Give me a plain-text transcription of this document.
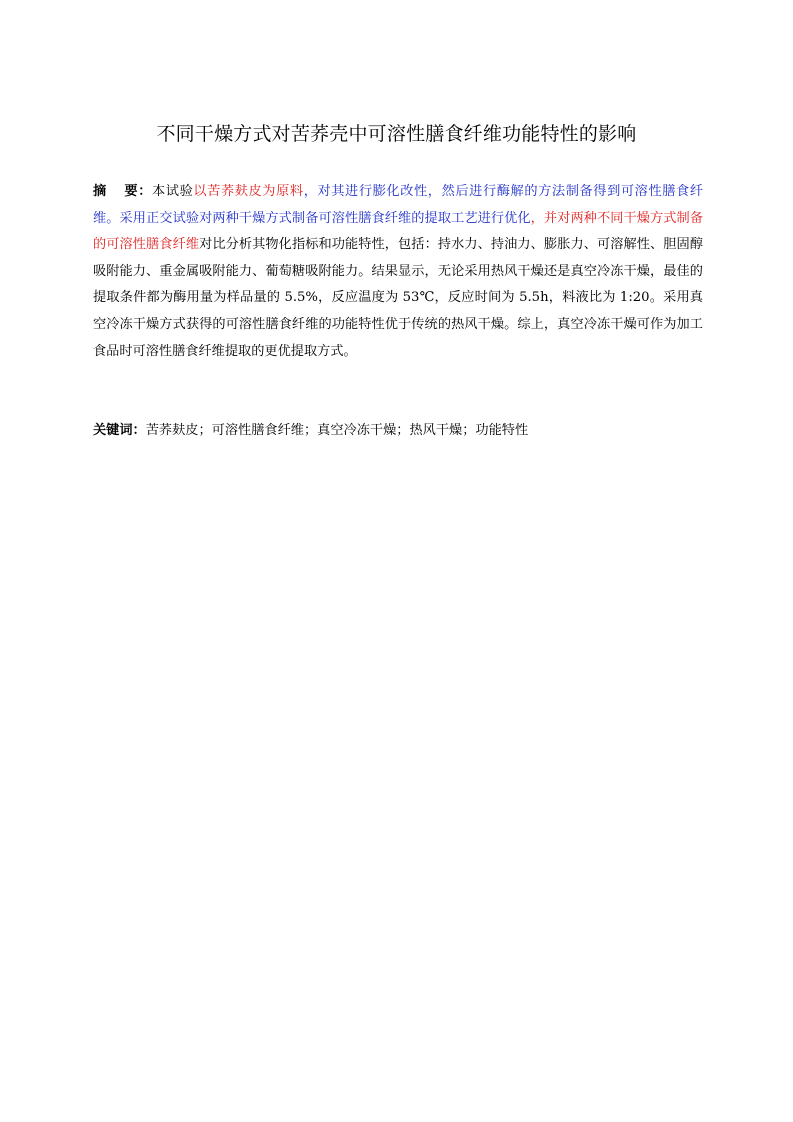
不同干燥方式对苦荞壳中可溶性膳食纤维功能特性的影响
摘 要：本试验以苦荞麸皮为原料，对其进行膨化改性，然后进行酶解的方法制备得到可溶性膳食纤维。采用正交试验对两种干燥方式制备可溶性膳食纤维的提取工艺进行优化，并对两种不同干燥方式制备的可溶性膳食纤维对比分析其物化指标和功能特性，包括：持水力、持油力、膨胀力、可溶解性、胆固醇吸附能力、重金属吸附能力、葡萄糖吸附能力。结果显示，无论采用热风干燥还是真空冷冻干燥，最佳的提取条件都为酶用量为样品量的 5.5%，反应温度为 53℃，反应时间为 5.5h，料液比为 1:20。采用真空冷冻干燥方式获得的可溶性膳食纤维的功能特性优于传统的热风干燥。综上，真空冷冻干燥可作为加工食品时可溶性膳食纤维提取的更优提取方式。
关键词：苦荞麸皮；可溶性膳食纤维；真空冷冻干燥；热风干燥；功能特性
